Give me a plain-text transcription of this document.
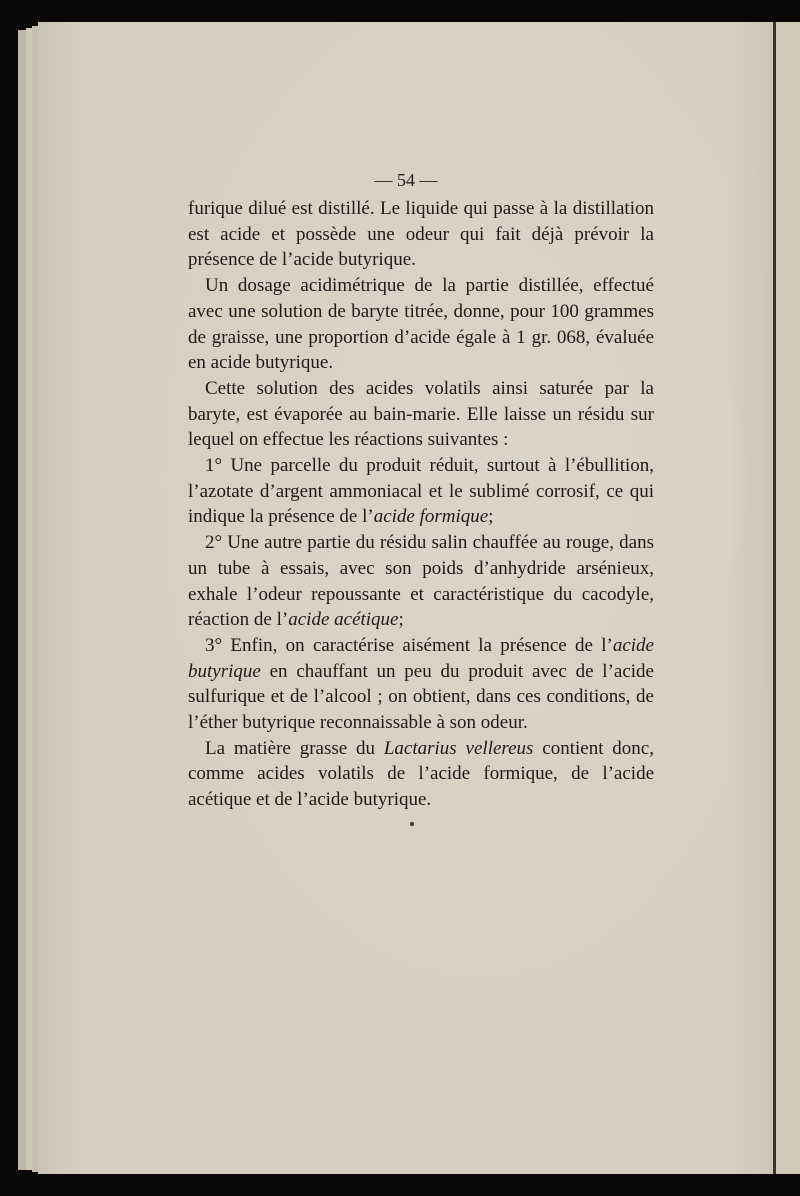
— 54 —

furique dilué est distillé. Le liquide qui passe à la distillation est acide et possède une odeur qui fait déjà prévoir la présence de l’acide butyrique.

Un dosage acidimétrique de la partie distillée, effectué avec une solution de baryte titrée, donne, pour 100 grammes de graisse, une proportion d’acide égale à 1 gr. 068, évaluée en acide butyrique.

Cette solution des acides volatils ainsi saturée par la baryte, est évaporée au bain-marie. Elle laisse un résidu sur lequel on effectue les réactions suivantes :

1° Une parcelle du produit réduit, surtout à l’ébullition, l’azotate d’argent ammoniacal et le sublimé corrosif, ce qui indique la présence de l’acide formique;

2° Une autre partie du résidu salin chauffée au rouge, dans un tube à essais, avec son poids d’anhydride arsénieux, exhale l’odeur repoussante et caractéristique du cacodyle, réaction de l’acide acétique;

3° Enfin, on caractérise aisément la présence de l’acide butyrique en chauffant un peu du produit avec de l’acide sulfurique et de l’alcool ; on obtient, dans ces conditions, de l’éther butyrique reconnaissable à son odeur.

La matière grasse du Lactarius vellereus contient donc, comme acides volatils de l’acide formique, de l’acide acétique et de l’acide butyrique.
